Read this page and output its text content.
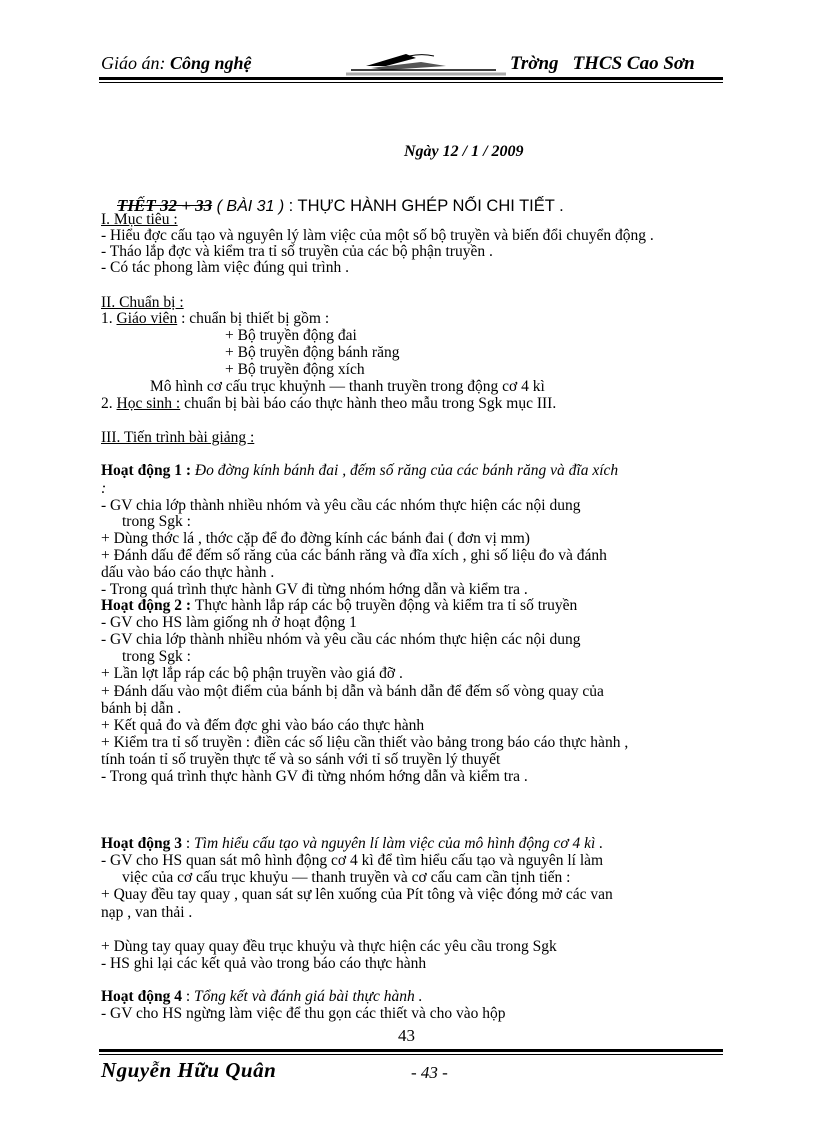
Giáo án: Công nghệ	Trờng THCS Cao Sơn
Ngày 12 / 1 / 2009
TIẾT 32 + 33 ( BÀI 31 ) : THỰC HÀNH GHÉP NỐI CHI TIẾT .
I. Mục tiêu :
- Hiểu đợc cấu tạo và nguyên lý làm việc của một số bộ truyền và biến đổi chuyển động .
- Tháo lắp đợc và kiểm tra tỉ số truyền của các bộ phận truyền .
- Có tác phong làm việc đúng qui trình .
II. Chuẩn bị :
1. Giáo viên : chuẩn bị thiết bị gồm :
+ Bộ truyền động đai
+ Bộ truyền động bánh răng
+ Bộ truyền động xích
Mô hình cơ cấu trục khuỷnh — thanh truyền trong động cơ 4 kì
2. Học sinh : chuẩn bị bài báo cáo thực hành theo mẫu trong Sgk mục III.
III. Tiến trình bài giảng :
Hoạt động 1 : Đo đờng kính bánh đai , đếm số răng của các bánh răng và đĩa xích
:
- GV chia lớp thành nhiều nhóm và yêu cầu các nhóm thực hiện các nội dung
trong Sgk :
+ Dùng thớc lá , thớc cặp để đo đờng kính các bánh đai ( đơn vị mm)
+ Đánh dấu để đếm số răng của các bánh răng và đĩa xích , ghi số liệu đo và đánh
dấu vào báo cáo thực hành .
- Trong quá trình thực hành GV đi từng nhóm hớng dẫn và kiểm tra .
Hoạt động 2 : Thực hành lắp ráp các bộ truyền động và kiểm tra tỉ số truyền
- GV cho HS làm giống nh ở hoạt động 1
- GV chia lớp thành nhiều nhóm và yêu cầu các nhóm thực hiện các nội dung
trong Sgk :
+ Lần lợt lắp ráp các bộ phận truyền vào giá đỡ .
+ Đánh dấu vào một điểm của bánh bị dẫn và bánh dẫn để đếm số vòng quay của
bánh bị dẫn .
+ Kết quả đo và đếm đợc ghi vào báo cáo thực hành
+ Kiểm tra tỉ số truyền : điền các số liệu cần thiết vào bảng trong báo cáo thực hành ,
tính toán tỉ số truyền thực tế và so sánh với tỉ số truyền lý thuyết
- Trong quá trình thực hành GV đi từng nhóm hớng dẫn và kiểm tra .
Hoạt động 3 : Tìm hiểu cấu tạo và nguyên lí làm việc của mô hình động cơ 4 kì .
- GV cho HS quan sát mô hình động cơ 4 kì để tìm hiểu cấu tạo và nguyên lí làm
việc của cơ cấu trục khuỷu — thanh truyền và cơ cấu cam cần tịnh tiến :
+ Quay đều tay quay , quan sát sự lên xuống của Pít tông và việc đóng mở các van
nạp , van thải .
+ Dùng tay quay quay đều trục khuỷu và thực hiện các yêu cầu trong Sgk
- HS ghi lại các kết quả vào trong báo cáo thực hành
Hoạt động 4 : Tổng kết và đánh giá bài thực hành .
- GV cho HS ngừng làm việc để thu gọn các thiết và cho vào hộp
43
Nguyễn Hữu Quân	- 43 -
